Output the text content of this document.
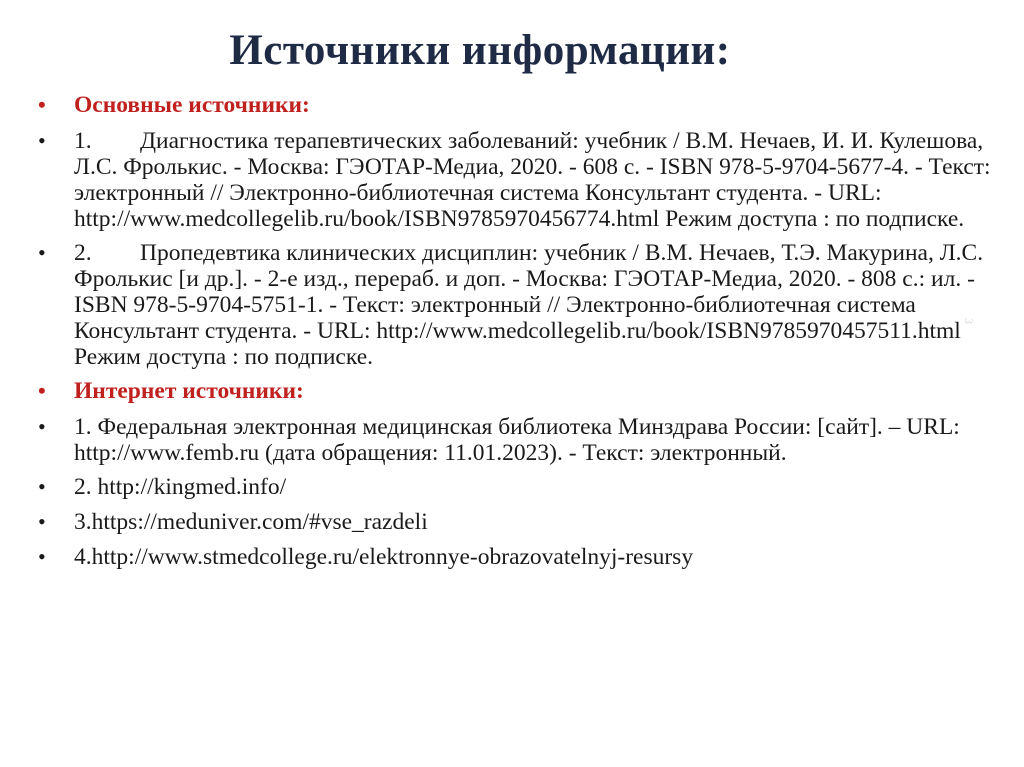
Источники информации:
• Основные источники:
• 1. Диагностика терапевтических заболеваний: учебник / В.М. Нечаев, И. И. Кулешова, Л.С. Фролькис. - Москва: ГЭОТАР-Медиа, 2020. - 608 с. - ISBN 978-5-9704-5677-4. - Текст: электронный // Электронно-библиотечная система Консультант студента. - URL: http://www.medcollegelib.ru/book/ISBN9785970456774.html Режим доступа : по подписке.
• 2. Пропедевтика клинических дисциплин: учебник / В.М. Нечаев, Т.Э. Макурина, Л.С. Фролькис [и др.]. - 2-е изд., перераб. и доп. - Москва: ГЭОТАР-Медиа, 2020. - 808 с.: ил. - ISBN 978-5-9704-5751-1. - Текст: электронный // Электронно-библиотечная система Консультант студента. - URL: http://www.medcollegelib.ru/book/ISBN9785970457511.html Режим доступа : по подписке.
• Интернет источники:
• 1. Федеральная электронная медицинская библиотека Минздрава России: [сайт]. – URL: http://www.femb.ru (дата обращения: 11.01.2023). - Текст: электронный.
• 2. http://kingmed.info/
• 3.https://meduniver.com/#vse_razdeli
• 4.http://www.stmedcollege.ru/elektronnye-obrazovatelnyj-resursy
3
